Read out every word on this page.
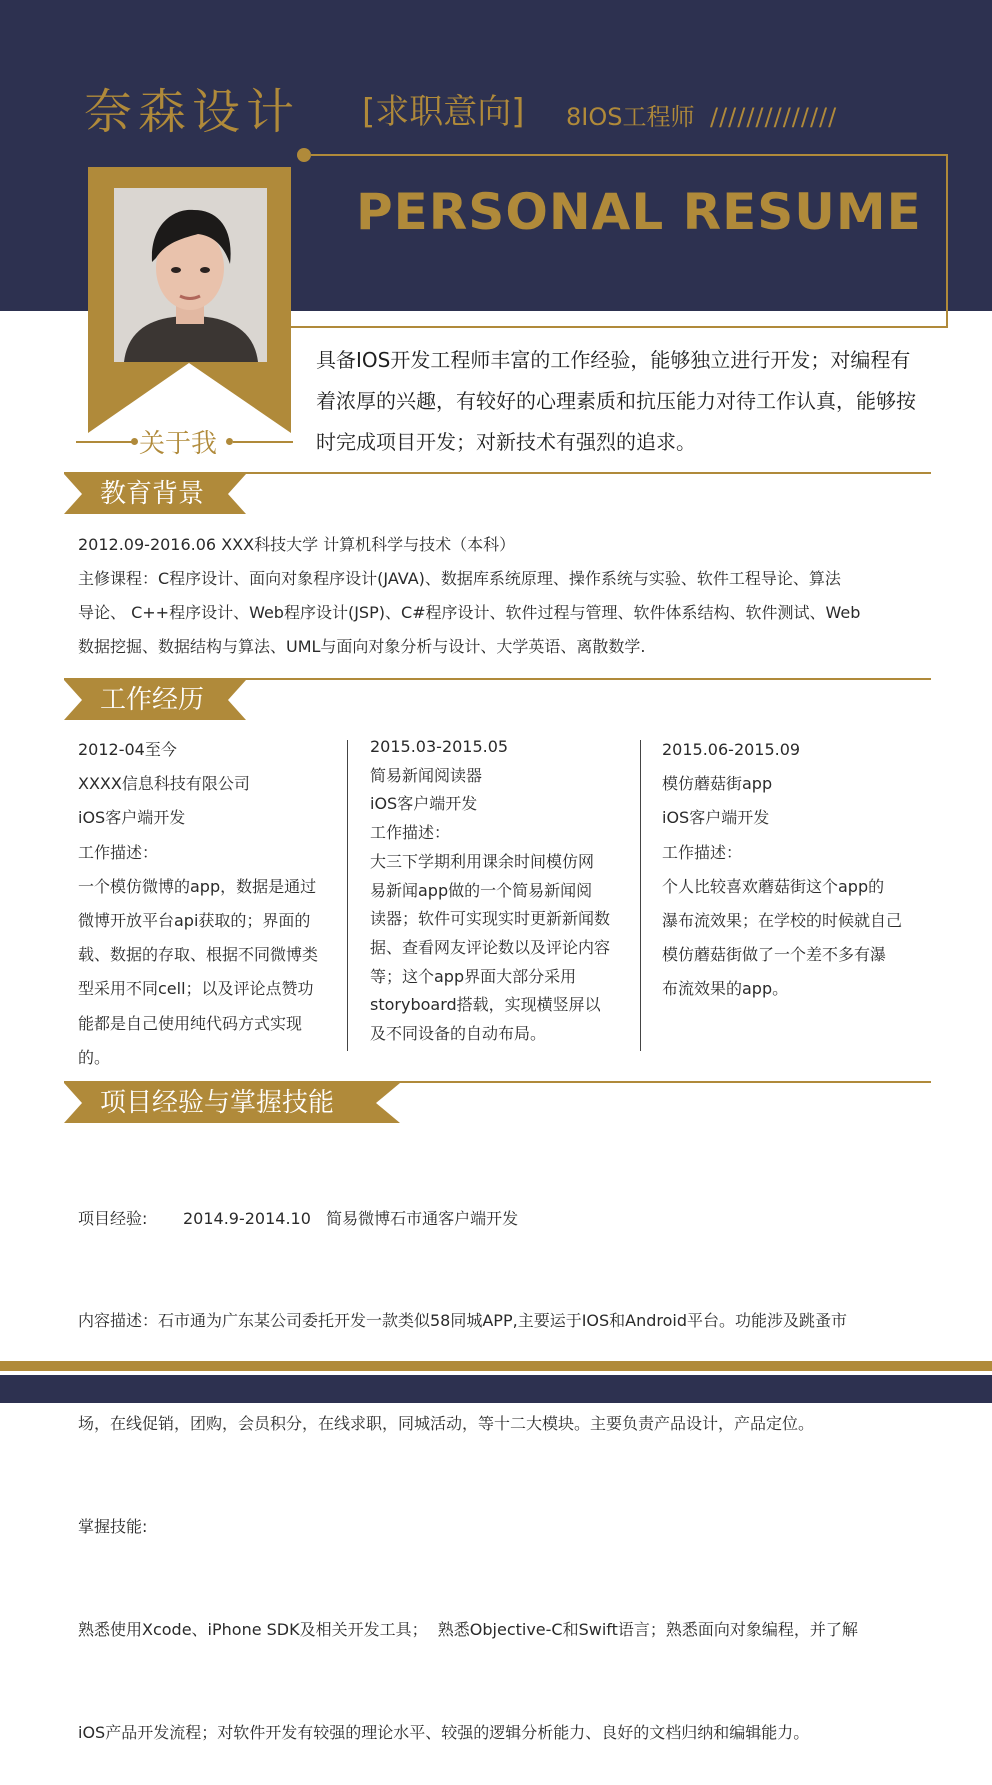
奈森设计 [求职意向] 8IOS工程师 //////////////
PERSONAL RESUME
关于我
具备IOS开发工程师丰富的工作经验，能够独立进行开发；对编程有
着浓厚的兴趣，有较好的心理素质和抗压能力对待工作认真，能够按
时完成项目开发；对新技术有强烈的追求。
教育背景
2012.09-2016.06 XXX科技大学 计算机科学与技术（本科）
主修课程：C程序设计、面向对象程序设计(JAVA)、数据库系统原理、操作系统与实验、软件工程导论、算法
导论、 C++程序设计、Web程序设计(JSP)、C#程序设计、软件过程与管理、软件体系结构、软件测试、Web
数据挖掘、数据结构与算法、UML与面向对象分析与设计、大学英语、离散数学.
工作经历
2012-04至今
XXXX信息科技有限公司
iOS客户端开发
工作描述：
一个模仿微博的app，数据是通过
微博开放平台api获取的；界面的
载、数据的存取、根据不同微博类
型采用不同cell；以及评论点赞功
能都是自己使用纯代码方式实现
的。
2015.03-2015.05
简易新闻阅读器
iOS客户端开发
工作描述：
大三下学期利用课余时间模仿网
易新闻app做的一个简易新闻阅
读器；软件可实现实时更新新闻数
据、查看网友评论数以及评论内容
等；这个app界面大部分采用
storyboard搭载，实现横竖屏以
及不同设备的自动布局。
2015.06-2015.09
模仿蘑菇街app
iOS客户端开发
工作描述：
个人比较喜欢蘑菇街这个app的
瀑布流效果；在学校的时候就自己
模仿蘑菇街做了一个差不多有瀑
布流效果的app。
项目经验与掌握技能

项目经验:       2014.9-2014.10   简易微博石市通客户端开发

内容描述：石市通为广东某公司委托开发一款类似58同城APP,主要运于IOS和Android平台。功能涉及跳蚤市

场，在线促销，团购，会员积分，在线求职，同城活动，等十二大模块。主要负责产品设计，产品定位。

掌握技能:

熟悉使用Xcode、iPhone SDK及相关开发工具；  熟悉Objective-C和Swift语言；熟悉面向对象编程，并了解

iOS产品开发流程；对软件开发有较强的理论水平、较强的逻辑分析能力、良好的文档归纳和编辑能力。
